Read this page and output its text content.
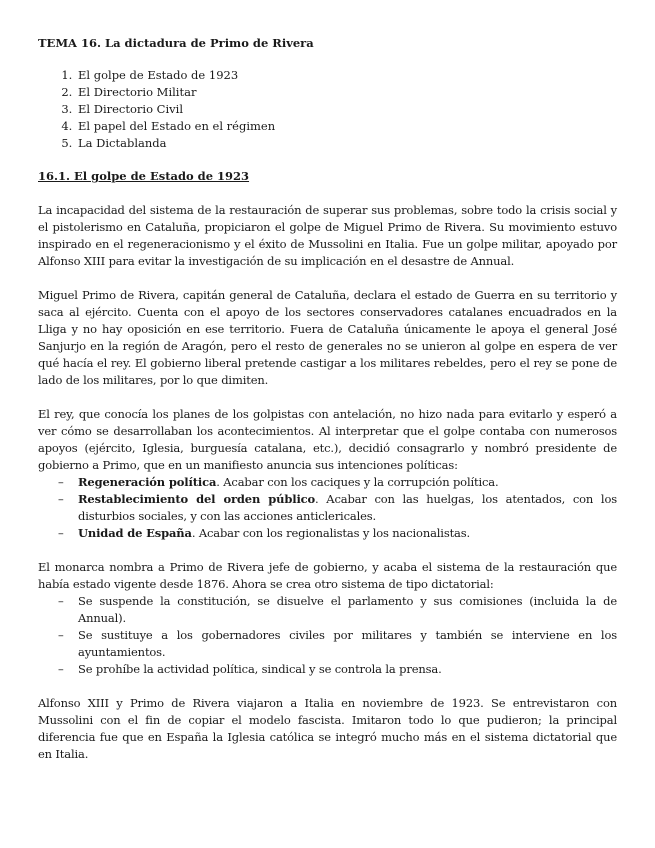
TEMA 16. La dictadura de Primo de Rivera
1. El golpe de Estado de 1923
2. El Directorio Militar
3. El Directorio Civil
4. El papel del Estado en el régimen
5. La Dictablanda
16.1. El golpe de Estado de 1923

La incapacidad del sistema de la restauración de superar sus problemas, sobre todo la crisis social y el pistolerismo en Cataluña, propiciaron el golpe de Miguel Primo de Rivera. Su movimiento estuvo inspirado en el regeneracionismo y el éxito de Mussolini en Italia. Fue un golpe militar, apoyado por Alfonso XIII para evitar la investigación de su implicación en el desastre de Annual.

Miguel Primo de Rivera, capitán general de Cataluña, declara el estado de Guerra en su territorio y saca al ejército. Cuenta con el apoyo de los sectores conservadores catalanes encuadrados en la Lliga y no hay oposición en ese territorio. Fuera de Cataluña únicamente le apoya el general José Sanjurjo en la región de Aragón, pero el resto de generales no se unieron al golpe en espera de ver qué hacía el rey. El gobierno liberal pretende castigar a los militares rebeldes, pero el rey se pone de lado de los militares, por lo que dimiten.

El rey, que conocía los planes de los golpistas con antelación, no hizo nada para evitarlo y esperó a ver cómo se desarrollaban los acontecimientos. Al interpretar que el golpe contaba con numerosos apoyos (ejército, Iglesia, burguesía catalana, etc.), decidió consagrarlo y nombró presidente de gobierno a Primo, que en un manifiesto anuncia sus intenciones políticas:

– Regeneración política. Acabar con los caciques y la corrupción política.
– Restablecimiento del orden público. Acabar con las huelgas, los atentados, con los disturbios sociales, y con las acciones anticlericales.
– Unidad de España. Acabar con los regionalistas y los nacionalistas.

El monarca nombra a Primo de Rivera jefe de gobierno, y acaba el sistema de la restauración que había estado vigente desde 1876. Ahora se crea otro sistema de tipo dictatorial:

– Se suspende la constitución, se disuelve el parlamento y sus comisiones (incluida la de Annual).
– Se sustituye a los gobernadores civiles por militares y también se interviene en los ayuntamientos.
– Se prohíbe la actividad política, sindical y se controla la prensa.

Alfonso XIII y Primo de Rivera viajaron a Italia en noviembre de 1923. Se entrevistaron con Mussolini con el fin de copiar el modelo fascista. Imitaron todo lo que pudieron; la principal diferencia fue que en España la Iglesia católica se integró mucho más en el sistema dictatorial que en Italia.
